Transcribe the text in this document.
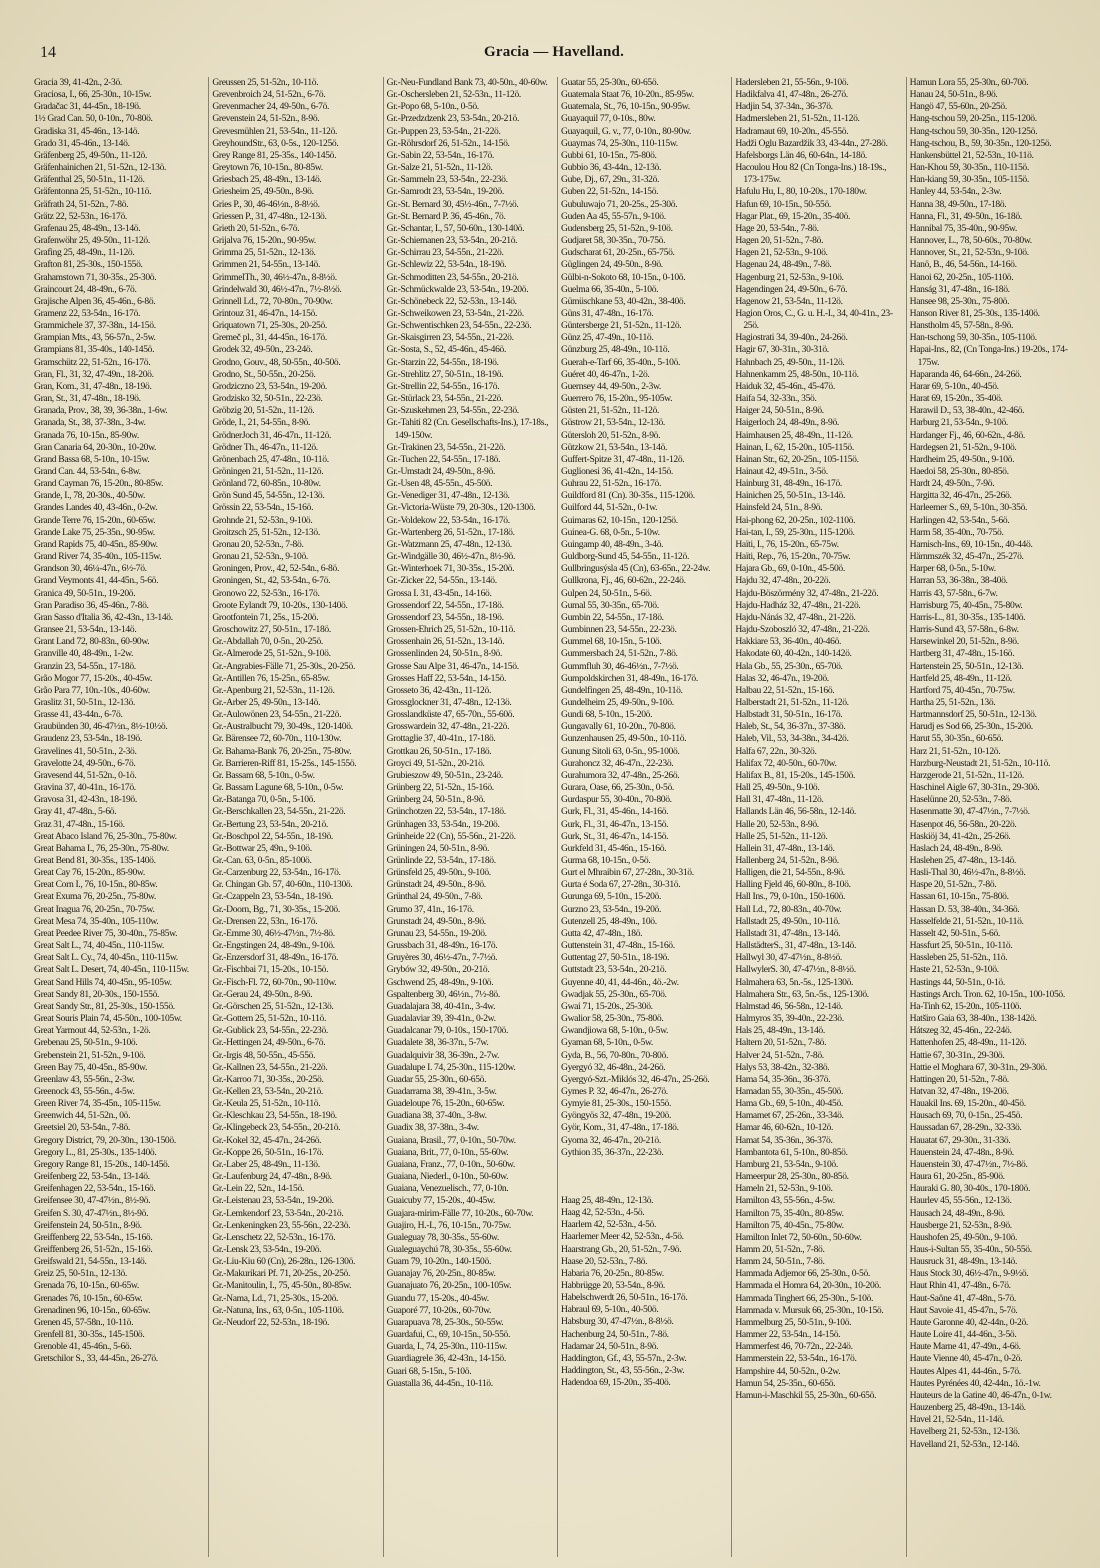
14	Gracia — Havelland.

Gracia 39, 41-42n., 2-3ö.

Graciosa, I., 66, 25-30n., 10-15w.

Gradačac 31, 44-45n., 18-19ö.

1½ Grad Can. 50, 0-10n., 70-80ö.

Gradiska 31, 45-46n., 13-14ö.

Grado 31, 45-46n., 13-14ö.

Gräfenberg 25, 49-50n., 11-12ö.

Gräfenhainichen 21, 51-52n., 12-13ö.

Gräfenthal 25, 50-51n., 11-12ö.

Gräfentonna 25, 51-52n., 10-11ö.

Gräfrath 24, 51-52n., 7-8ö.

Grätz 22, 52-53n., 16-17ö.

Grafenau 25, 48-49n., 13-14ö.

Grafenwöhr 25, 49-50n., 11-12ö.

Grafing 25, 48-49n., 11-12ö.

Grafton 81, 25-30s., 150-155ö.

Grahamstown 71, 30-35s., 25-30ö.

Graincourt 24, 48-49n., 6-7ö.

Grajische Alpen 36, 45-46n., 6-8ö.

Gramenz 22, 53-54n., 16-17ö.

Grammichele 37, 37-38n., 14-15ö.

Grampian Mts., 43, 56-57n., 2-5w.

Grampians 81, 35-40s., 140-145ö.

Gramschütz 22, 51-52n., 16-17ö.

Gran, Fl., 31, 32, 47-49n., 18-20ö.

Gran, Kom., 31, 47-48n., 18-19ö.

Gran, St., 31, 47-48n., 18-19ö.

Granada, Prov., 38, 39, 36-38n., 1-6w.

Granada, St., 38, 37-38n., 3-4w.

Granada 76, 10-15n., 85-90w.

Gran Canaria 64, 20-30n., 10-20w.

Grand Bassa 68, 5-10n., 10-15w.

Grand Can. 44, 53-54n., 6-8w.

Grand Cayman 76, 15-20n., 80-85w.

Grande, I., 78, 20-30s., 40-50w.

Grandes Landes 40, 43-46n., 0-2w.

Grande Terre 76, 15-20n., 60-65w.

Grande Lake 75, 25-35n., 90-95w.

Grand Rapids 75, 40-45n., 85-90w.

Grand River 74, 35-40n., 105-115w.

Grandson 30, 46¼-47n., 6½-7ö.

Grand Veymonts 41, 44-45n., 5-6ö.

Granica 49, 50-51n., 19-20ö.

Gran Paradiso 36, 45-46n., 7-8ö.

Gran Sasso d'Italia 36, 42-43n., 13-14ö.

Gransee 21, 53-54n., 13-14ö.

Grant Land 72, 80-83n., 60-90w.

Granville 40, 48-49n., 1-2w.

Granzin 23, 54-55n., 17-18ö.

Grão Mogor 77, 15-20s., 40-45w.

Grão Para 77, 10n.-10s., 40-60w.

Graslitz 31, 50-51n., 12-13ö.

Grasse 41, 43-44n., 6-7ö.

Graubünden 30, 46-47½n., 8½-10½ö.

Graudenz 23, 53-54n., 18-19ö.

Gravelines 41, 50-51n., 2-3ö.

Gravelotte 24, 49-50n., 6-7ö.

Gravesend 44, 51-52n., 0-1ö.

Gravina 37, 40-41n., 16-17ö.

Gravosa 31, 42-43n., 18-19ö.

Gray 41, 47-48n., 5-6ö.

Graz 31, 47-48n., 15-16ö.

Great Abaco Island 76, 25-30n., 75-80w.

Great Bahama I., 76, 25-30n., 75-80w.

Great Bend 81, 30-35s., 135-140ö.

Great Cay 76, 15-20n., 85-90w.

Great Corn I., 76, 10-15n., 80-85w.

Great Exuma 76, 20-25n., 75-80w.

Great Inagua 76, 20-25n., 70-75w.

Great Mesa 74, 35-40n., 105-110w.

Great Peedee River 75, 30-40n., 75-85w.

Great Salt L., 74, 40-45n., 110-115w.

Great Salt L. Cy., 74, 40-45n., 110-115w.

Great Salt L. Desert, 74, 40-45n., 110-115w.

Great Sand Hills 74, 40-45n., 95-105w.

Great Sandy 81, 20-30s., 150-155ö.

Great Sandy Str., 81, 25-30s., 150-155ö.

Great Souris Plain 74, 45-50n., 100-105w.

Great Yarmout 44, 52-53n., 1-2ö.

Grebenau 25, 50-51n., 9-10ö.

Grebenstein 21, 51-52n., 9-10ö.

Green Bay 75, 40-45n., 85-90w.

Greenlaw 43, 55-56n., 2-3w.

Greenock 43, 55-56n., 4-5w.

Green River 74, 35-45n., 105-115w.

Greenwich 44, 51-52n., 0ö.

Greetsiel 20, 53-54n., 7-8ö.

Gregory District, 79, 20-30n., 130-150ö.

Gregory L., 81, 25-30s., 135-140ö.

Gregory Range 81, 15-20s., 140-145ö.

Greifenberg 22, 53-54n., 13-14ö.

Greifenhagen 22, 53-54n., 15-16ö.

Greifensee 30, 47-47½n., 8½-9ö.

Greifen S. 30, 47-47½n., 8½-9ö.

Greifenstein 24, 50-51n., 8-9ö.

Greiffenberg 22, 53-54n., 15-16ö.

Greiffenberg 26, 51-52n., 15-16ö.

Greifswald 21, 54-55n., 13-14ö.

Greiz 25, 50-51n., 12-13ö.

Grenada 76, 10-15n., 60-65w.

Grenades 76, 10-15n., 60-65w.

Grenadinen 96, 10-15n., 60-65w.

Grenen 45, 57-58n., 10-11ö.

Grenfell 81, 30-35s., 145-150ö.

Grenoble 41, 45-46n., 5-6ö.

Gretschilor S., 33, 44-45n., 26-27ö.

Greussen 25, 51-52n., 10-11ö.

Grevenbroich 24, 51-52n., 6-7ö.

Grevenmacher 24, 49-50n., 6-7ö.

Grevenstein 24, 51-52n., 8-9ö.

Grevesmühlen 21, 53-54n., 11-12ö.

GreyhoundStr., 63, 0-5s., 120-125ö.

Grey Range 81, 25-35s., 140-145ö.

Greytown 76, 10-15n., 80-85w.

Griesbach 25, 48-49n., 13-14ö.

Griesheim 25, 49-50n., 8-9ö.

Gries P., 30, 46-46½n., 8-8½ö.

Griessen P., 31, 47-48n., 12-13ö.

Grieth 20, 51-52n., 6-7ö.

Grijalva 76, 15-20n., 90-95w.

Grimma 25, 51-52n., 12-13ö.

Grimmen 21, 54-55n., 13-14ö.

GrimmelTh., 30, 46½-47n., 8-8½ö.

Grindelwald 30, 46½-47n., 7½-8½ö.

Grinnell Ld., 72, 70-80n., 70-90w.

Grintouz 31, 46-47n., 14-15ö.

Griquatown 71, 25-30s., 20-25ö.

Gremeč pl., 31, 44-45n., 16-17ö.

Grodek 32, 49-50n., 23-24ö.

Grodno, Gouv., 48, 50-55n., 40-50ö.

Grodno, St., 50-55n., 20-25ö.

Grodziczno 23, 53-54n., 19-20ö.

Grodzisko 32, 50-51n., 22-23ö.

Gröbzig 20, 51-52n., 11-12ö.

Gröde, I., 21, 54-55n., 8-9ö.

GrödnerJoch 31, 46-47n., 11-12ö.

Grödner Th., 46-47n., 11-12ö.

Grönenbach 25, 47-48n., 10-11ö.

Gröningen 21, 51-52n., 11-12ö.

Grönland 72, 60-85n., 10-80w.

Grön Sund 45, 54-55n., 12-13ö.

Grössin 22, 53-54n., 15-16ö.

Grohnde 21, 52-53n., 9-10ö.

Groitzsch 25, 51-52n., 12-13ö.

Gronau 20, 52-53n., 7-8ö.

Gronau 21, 52-53n., 9-10ö.

Groningen, Prov., 42, 52-54n., 6-8ö.

Groningen, St., 42, 53-54n., 6-7ö.

Gronowo 22, 52-53n., 16-17ö.

Groote Eylandt 79, 10-20s., 130-140ö.

Grootfontein 71, 25s., 15-20ö.

Groschowitz 27, 50-51n., 17-18ö.

Gr.-Abdallah 70, 0-5n., 20-25ö.

Gr.-Almerode 25, 51-52n., 9-10ö.

Gr.-Angrabies-Fälle 71, 25-30s., 20-25ö.

Gr.-Antillen 76, 15-25n., 65-85w.

Gr.-Apenburg 21, 52-53n., 11-12ö.

Gr.-Arber 25, 49-50n., 13-14ö.

Gr.-Aulowönen 23, 54-55n., 21-22ö.

Gr.-Australbucht 79, 30-49s., 120-140ö.

Gr. Bärensee 72, 60-70n., 110-130w.

Gr. Bahama-Bank 76, 20-25n., 75-80w.

Gr. Barrieren-Riff 81, 15-25s., 145-155ö.

Gr. Bassam 68, 5-10n., 0-5w.

Gr. Bassam Lagune 68, 5-10n., 0-5w.

Gr.-Batanga 70, 0-5n., 5-10ö.

Gr.-Berschkallen 23, 54-55n., 21-22ö.

Gr.-Bertung 23, 53-54n., 20-21ö.

Gr.-Boschpol 22, 54-55n., 18-19ö.

Gr.-Bottwar 25, 49n., 9-10ö.

Gr.-Can. 63, 0-5n., 85-100ö.

Gr.-Carzenburg 22, 53-54n., 16-17ö.

Gr. Chingan Gb. 57, 40-60n., 110-130ö.

Gr.-Czappeln 23, 53-54n., 18-19ö.

Gr.-Doorn, Bg., 71, 30-35s., 15-20ö.

Gr.-Drensen 22, 53n., 16-17ö.

Gr.-Emme 30, 46½-47½n., 7½-8ö.

Gr.-Engstingen 24, 48-49n., 9-10ö.

Gr.-Enzersdorf 31, 48-49n., 16-17ö.

Gr.-Fischbai 71, 15-20s., 10-15ö.

Gr.-Fisch-Fl. 72, 60-70n., 90-110w.

Gr.-Gerau 24, 49-50n., 8-9ö.

Gr.-Görschen 25, 51-52n., 12-13ö.

Gr.-Gottern 25, 51-52n., 10-11ö.

Gr.-Gublick 23, 54-55n., 22-23ö.

Gr.-Hettingen 24, 49-50n., 6-7ö.

Gr.-Irgis 48, 50-55n., 45-55ö.

Gr.-Kallnen 23, 54-55n., 21-22ö.

Gr.-Karroo 71, 30-35s., 20-25ö.

Gr.-Kellen 23, 53-54n., 20-21ö.

Gr.-Keula 25, 51-52n., 10-11ö.

Gr.-Kleschkau 23, 54-55n., 18-19ö.

Gr.-Klingebeck 23, 54-55n., 20-21ö.

Gr.-Kokel 32, 45-47n., 24-26ö.

Gr.-Koppe 26, 50-51n., 16-17ö.

Gr.-Laber 25, 48-49n., 11-13ö.

Gr.-Laufenburg 24, 47-48n., 8-9ö.

Gr.-Lein 22, 52n., 14-15ö.

Gr.-Leistenau 23, 53-54n., 19-20ö.

Gr.-Lemkendorf 23, 53-54n., 20-21ö.

Gr.-Lenkeningken 23, 55-56n., 22-23ö.

Gr.-Lenschetz 22, 52-53n., 16-17ö.

Gr.-Lensk 23, 53-54n., 19-20ö.

Gr.-Liu-Kiu 60 (Cn), 26-28n., 126-130ö.

Gr.-Makurikari Pf. 71, 20-25s., 20-25ö.

Gr.-Manitoulin, I., 75, 45-50n., 80-85w.

Gr.-Nama, Ld., 71, 25-30s., 15-20ö.

Gr.-Natuna, Ins., 63, 0-5n., 105-110ö.

Gr.-Neudorf 22, 52-53n., 18-19ö.

Gr.-Neu-Fundland Bank 73, 40-50n., 40-60w.

Gr.-Oschersleben 21, 52-53n., 11-12ö.

Gr.-Popo 68, 5-10n., 0-5ö.

Gr.-Przedzdzenk 23, 53-54n., 20-21ö.

Gr.-Puppen 23, 53-54n., 21-22ö.

Gr.-Röhrsdorf 26, 51-52n., 14-15ö.

Gr.-Sabin 22, 53-54n., 16-17ö.

Gr.-Salze 21, 51-52n., 11-12ö.

Gr.-Sammeln 23, 53-54n., 22-23ö.

Gr.-Samrodt 23, 53-54n., 19-20ö.

Gr.-St. Bernard 30, 45½-46n., 7-7½ö.

Gr.-St. Bernard P. 36, 45-46n., 7ö.

Gr.-Schantar, I., 57, 50-60n., 130-140ö.

Gr.-Schiemanen 23, 53-54n., 20-21ö.

Gr.-Schirrau 23, 54-55n., 21-22ö.

Gr.-Schlewiz 22, 53-54n., 18-19ö.

Gr.-Schmoditten 23, 54-55n., 20-21ö.

Gr.-Schmückwalde 23, 53-54n., 19-20ö.

Gr.-Schönebeck 22, 52-53n., 13-14ö.

Gr.-Schweikowen 23, 53-54n., 21-22ö.

Gr.-Schwentischken 23, 54-55n., 22-23ö.

Gr.-Skaisgirren 23, 54-55n., 21-22ö.

Gr.-Sosta, S., 52, 45-46n., 45-46ö.

Gr.-Starzin 22, 54-55n., 18-19ö.

Gr.-Strehlitz 27, 50-51n., 18-19ö.

Gr.-Strellin 22, 54-55n., 16-17ö.

Gr.-Stürlack 23, 54-55n., 21-22ö.

Gr.-Szuskehmen 23, 54-55n., 22-23ö.

Gr.-Tahiti 82 (Cn. Gesellschafts-Ins.), 17-18s., 149-150w.

Gr.-Trakinen 23, 54-55n., 21-22ö.

Gr.-Tuchen 22, 54-55n., 17-18ö.

Gr.-Umstadt 24, 49-50n., 8-9ö.

Gr.-Usen 48, 45-55n., 45-50ö.

Gr.-Venediger 31, 47-48n., 12-13ö.

Gr.-Victoria-Wüste 79, 20-30s., 120-130ö.

Gr.-Voldekow 22, 53-54n., 16-17ö.

Gr.-Wartenberg 26, 51-52n., 17-18ö.

Gr.-Watzmann 25, 47-48n., 12-13ö.

Gr.-Windgälle 30, 46½-47n., 8½-9ö.

Gr.-Winterhoek 71, 30-35s., 15-20ö.

Gr.-Zicker 22, 54-55n., 13-14ö.

Grossa I. 31, 43-45n., 14-16ö.

Grossendorf 22, 54-55n., 17-18ö.

Grossendorf 23, 54-55n., 18-19ö.

Grossen-Ehrich 25, 51-52n., 10-11ö.

Grossenhain 26, 51-52n., 13-14ö.

Grossenlinden 24, 50-51n., 8-9ö.

Grosse Sau Alpe 31, 46-47n., 14-15ö.

Grosses Haff 22, 53-54n., 14-15ö.

Grosseto 36, 42-43n., 11-12ö.

Grossglockner 31, 47-48n., 12-13ö.

Grosslandküste 47, 65-70n., 55-60ö.

Grosswardein 32, 47-48n., 21-22ö.

Grottaglie 37, 40-41n., 17-18ö.

Grottkau 26, 50-51n., 17-18ö.

Groyci 49, 51-52n., 20-21ö.

Grubieszow 49, 50-51n., 23-24ö.

Grünberg 22, 51-52n., 15-16ö.

Grünberg 24, 50-51n., 8-9ö.

Grünchotzen 22, 53-54n., 17-18ö.

Grünhagen 33, 53-54n., 19-20ö.

Grünheide 22 (Cn), 55-56n., 21-22ö.

Grüningen 24, 50-51n., 8-9ö.

Grünlinde 22, 53-54n., 17-18ö.

Grünsfeld 25, 49-50n., 9-10ö.

Grünstadt 24, 49-50n., 8-9ö.

Grünthal 24, 49-50n., 7-8ö.

Grumo 37, 41n., 16-17ö.

Grunstadt 24, 49-50n., 8-9ö.

Grunau 23, 54-55n., 19-20ö.

Grussbach 31, 48-49n., 16-17ö.

Gruyères 30, 46½-47n., 7-7½ö.

Grybów 32, 49-50n., 20-21ö.

Gschwend 25, 48-49n., 9-10ö.

Gspaltenberg 30, 46½n., 7½-8ö.

Guadalajara 38, 40-41n., 3-4w.

Guadalaviar 39, 39-41n., 0-2w.

Guadalcanar 79, 0-10s., 150-170ö.

Guadalete 38, 36-37n., 5-7w.

Guadalquivir 38, 36-39n., 2-7w.

Guadalupe I. 74, 25-30n., 115-120w.

Guadar 55, 25-30n., 60-65ö.

Guadarrama 38, 39-41n., 3-5w.

Guadeloupe 76, 15-20n., 60-65w.

Guadiana 38, 37-40n., 3-8w.

Guadix 38, 37-38n., 3-4w.

Guaiana, Brasil., 77, 0-10n., 50-70w.

Guaiana, Brit., 77, 0-10n., 55-60w.

Guaiana, Franz., 77, 0-10n., 50-60w.

Guaiana, Niederl., 0-10n., 50-60w.

Guaiana, Venezuelisch., 77, 0-10n.

Guaicuby 77, 15-20s., 40-45w.

Guajara-mirim-Fälle 77, 10-20s., 60-70w.

Guajiro, H.-I., 76, 10-15n., 70-75w.

Gualeguay 78, 30-35s., 55-60w.

Gualeguaychú 78, 30-35s., 55-60w.

Guam 79, 10-20n., 140-150ö.

Guanajay 76, 20-25n., 80-85w.

Guanajuato 76, 20-25n., 100-105w.

Guandu 77, 15-20s., 40-45w.

Guaporé 77, 10-20s., 60-70w.

Guarapuava 78, 25-30s., 50-55w.

Guardafui, C., 69, 10-15n., 50-55ö.

Guarda, I., 74, 25-30n., 110-115w.

Guardiagrele 36, 42-43n., 14-15ö.

Guari 68, 5-15n., 5-10ö.

Guastalla 36, 44-45n., 10-11ö.

Guatar 55, 25-30n., 60-65ö.

Guatemala Staat 76, 10-20n., 85-95w.

Guatemala, St., 76, 10-15n., 90-95w.

Guayaquil 77, 0-10s., 80w.

Guayaquil, G. v., 77, 0-10n., 80-90w.

Guaymas 74, 25-30n., 110-115w.

Gubbi 61, 10-15n., 75-80ö.

Gubbio 36, 43-44n., 12-13ö.

Gube, Dj., 67, 29n., 31-32ö.

Guben 22, 51-52n., 14-15ö.

Gubuluwajo 71, 20-25s., 25-30ö.

Guden Aa 45, 55-57n., 9-10ö.

Gudensberg 25, 51-52n., 9-10ö.

Gudjaret 58, 30-35n., 70-75ö.

Gudscharat 61, 20-25n., 65-75ö.

Güglingen 24, 49-50n., 8-9ö.

Gülbi-n-Sokoto 68, 10-15n., 0-10ö.

Guelma 66, 35-40n., 5-10ö.

Gümüschkane 53, 40-42n., 38-40ö.

Güns 31, 47-48n., 16-17ö.

Güntersberge 21, 51-52n., 11-12ö.

Günz 25, 47-49n., 10-11ö.

Günzburg 25, 48-49n., 10-11ö.

Guerah-e-Tarf 66, 35-40n., 5-10ö.

Guéret 40, 46-47n., 1-2ö.

Guernsey 44, 49-50n., 2-3w.

Guerrero 76, 15-20n., 95-105w.

Güsten 21, 51-52n., 11-12ö.

Güstrow 21, 53-54n., 12-13ö.

Gütersloh 20, 51-52n., 8-9ö.

Gützkow 21, 53-54n., 13-14ö.

Guffert-Spitze 31, 47-48n., 11-12ö.

Guglionesi 36, 41-42n., 14-15ö.

Guhrau 22, 51-52n., 16-17ö.

Guildford 81 (Cn). 30-35s., 115-120ö.

Guilford 44, 51-52n., 0-1w.

Guimaras 62, 10-15n., 120-125ö.

Guinea-G. 68, 0-5n., 5-10w.

Guingamp 40, 48-49n., 3-4ö.

Guldborg-Sund 45, 54-55n., 11-12ö.

Gullbringusýsla 45 (Cn), 63-65n., 22-24w.

Gullkrona, Fj., 46, 60-62n., 22-24ö.

Gulpen 24, 50-51n., 5-6ö.

Gumal 55, 30-35n., 65-70ö.

Gumbin 22, 54-55n., 17-18ö.

Gumbinnen 23, 54-55n., 22-23ö.

Gummel 68, 10-15n., 5-10ö.

Gummersbach 24, 51-52n., 7-8ö.

Gummfluh 30, 46-46½n., 7-7½ö.

Gumpoldskirchen 31, 48-49n., 16-17ö.

Gundelfingen 25, 48-49n., 10-11ö.

Gundelheim 25, 49-50n., 9-10ö.

Gundi 68, 5-10n., 15-20ö.

Gungavally 61, 10-20n., 70-80ö.

Gunzenhausen 25, 49-50n., 10-11ö.

Gunung Sitoli 63, 0-5n., 95-100ö.

Gurahoncz 32, 46-47n., 22-23ö.

Gurahumora 32, 47-48n., 25-26ö.

Gurara, Oase, 66, 25-30n., 0-5ö.

Gurdaspur 55, 30-40n., 70-80ö.

Gurk, Fl., 31, 45-46n., 14-16ö.

Gurk, Fl., 31, 46-47n., 13-15ö.

Gurk, St., 31, 46-47n., 14-15ö.

Gurkfeld 31, 45-46n., 15-16ö.

Gurma 68, 10-15n., 0-5ö.

Gurt el Mhraibin 67, 27-28n., 30-31ö.

Gurta é Soda 67, 27-28n., 30-31ö.

Gurunga 69, 5-10n., 15-20ö.

Gurzno 23, 53-54n., 19-20ö.

Gutenzell 25, 48-49n., 10ö.

Gutta 42, 47-48n., 18ö.

Guttenstein 31, 47-48n., 15-16ö.

Guttentag 27, 50-51n., 18-19ö.

Guttstadt 23, 53-54n., 20-21ö.

Guyenne 40, 41, 44-46n., 4ö.-2w.

Gwadjak 55, 25-30n., 65-70ö.

Gwai 71, 15-20s., 25-30ö.

Gwalior 58, 25-30n., 75-80ö.

Gwandjiowa 68, 5-10n., 0-5w.

Gyaman 68, 5-10n., 0-5w.

Gyda, B., 56, 70-80n., 70-80ö.

Gyergyó 32, 46-48n., 24-26ö.

Gyergyó-Szt.-Miklós 32, 46-47n., 25-26ö.

Gymes P. 32, 46-47n., 26-27ö.

Gymyie 81, 25-30s., 150-155ö.

Gyöngyös 32, 47-48n., 19-20ö.

Györ, Kom., 31, 47-48n., 17-18ö.

Gyoma 32, 46-47n., 20-21ö.

Gythion 35, 36-37n., 22-23ö.

Haag 25, 48-49n., 12-13ö.

Haag 42, 52-53n., 4-5ö.

Haarlem 42, 52-53n., 4-5ö.

Haarlemer Meer 42, 52-53n., 4-5ö.

Haarstrang Gb., 20, 51-52n., 7-9ö.

Haase 20, 52-53n., 7-8ö.

Habaria 76, 20-25n., 80-85w.

Habbrügge 20, 53-54n., 8-9ö.

Habelschwerdt 26, 50-51n., 16-17ö.

Habraul 69, 5-10n., 40-50ö.

Habsburg 30, 47-47½n., 8-8½ö.

Hachenburg 24, 50-51n., 7-8ö.

Hadamar 24, 50-51n., 8-9ö.

Haddington, Gf., 43, 55-57n., 2-3w.

Haddington, St., 43, 55-56n., 2-3w.

Hadendoa 69, 15-20n., 35-40ö.

Hadersleben 21, 55-56n., 9-10ö.

Hadikfalva 41, 47-48n., 26-27ö.

Hadjin 54, 37-34n., 36-37ö.

Hadmersleben 21, 51-52n., 11-12ö.

Hadramaut 69, 10-20n., 45-55ö.

Hadži Oglu Bazardžik 33, 43-44n., 27-28ö.

Hafelsborgs Län 46, 60-64n., 14-18ö.

Hacoulou Hou 82 (Cn Tonga-Ins.) 18-19s., 173-175w.

Hafulu Hu, I., 80, 10-20s., 170-180w.

Hafun 69, 10-15n., 50-55ö.

Hagar Plat., 69, 15-20n., 35-40ö.

Hage 20, 53-54n., 7-8ö.

Hagen 20, 51-52n., 7-8ö.

Hagen 21, 52-53n., 9-10ö.

Hagenau 24, 48-49n., 7-8ö.

Hagenburg 21, 52-53n., 9-10ö.

Hagendingen 24, 49-50n., 6-7ö.

Hagenow 21, 53-54n., 11-12ö.

Hagion Oros, C., G. u. H.-I., 34, 40-41n., 23-25ö.

Hagiostrati 34, 39-40n., 24-26ö.

Hagir 67, 30-31n., 30-31ö.

Hahnbach 25, 49-50n., 11-12ö.

Hahnenkamm 25, 48-50n., 10-11ö.

Haiduk 32, 45-46n., 45-47ö.

Haifa 54, 32-33n., 35ö.

Haiger 24, 50-51n., 8-9ö.

Haigerloch 24, 48-49n., 8-9ö.

Haimhausen 25, 48-49n., 11-12ö.

Hainan, I., 62, 15-20n., 105-115ö.

Hainan Str., 62, 20-25n., 105-115ö.

Hainaut 42, 49-51n., 3-5ö.

Hainburg 31, 48-49n., 16-17ö.

Hainichen 25, 50-51n., 13-14ö.

Hainsfeld 24, 51n., 8-9ö.

Hai-phong 62, 20-25n., 102-110ö.

Hai-tan, I., 59, 25-30n., 115-120ö.

Haïti, I., 76, 15-20n., 65-75w.

Haïti, Rep., 76, 15-20n., 70-75w.

Hajara Gb., 69, 0-10n., 45-50ö.

Hajdu 32, 47-48n., 20-22ö.

Hajdu-Böszörmény 32, 47-48n., 21-22ö.

Hajdu-Hadház 32, 47-48n., 21-22ö.

Hajdu-Nánás 32, 47-48n., 21-22ö.

Hajdu-Szoboszló 32, 47-48n., 21-22ö.

Hakkiare 53, 36-40n., 40-46ö.

Hakodate 60, 40-42n., 140-142ö.

Hala Gb., 55, 25-30n., 65-70ö.

Halas 32, 46-47n., 19-20ö.

Halbau 22, 51-52n., 15-16ö.

Halberstadt 21, 51-52n., 11-12ö.

Halbstadt 31, 50-51n., 16-17ö.

Haleb, St., 54, 36-37n., 37-38ö.

Haleb, Vil., 53, 34-38n., 34-42ö.

Halfa 67, 22n., 30-32ö.

Halifax 72, 40-50n., 60-70w.

Halifax B., 81, 15-20s., 145-150ö.

Hall 25, 49-50n., 9-10ö.

Hall 31, 47-48n., 11-12ö.

Hallands Län 46, 56-58n., 12-14ö.

Halle 20, 52-53n., 8-9ö.

Halle 25, 51-52n., 11-12ö.

Hallein 31, 47-48n., 13-14ö.

Hallenberg 24, 51-52n., 8-9ö.

Halligen, die 21, 54-55n., 8-9ö.

Halling Fjeld 46, 60-80n., 8-10ö.

Hall Ins., 79, 0-10n., 150-160ö.

Hall Ld., 72, 80-83n., 40-70w.

Hallstadt 25, 49-50n., 10-11ö.

Hallstadt 31, 47-48n., 13-14ö.

HallstädterS., 31, 47-48n., 13-14ö.

Hallwyl 30, 47-47½n., 8-8½ö.

HallwylerS. 30, 47-47½n., 8-8½ö.

Halmahera 63, 5n.-5s., 125-130ö.

Halmahera Str., 63, 5n.-5s., 125-130ö.

Halmstad 46, 56-58n., 12-14ö.

Halmyros 35, 39-40n., 22-23ö.

Hals 25, 48-49n., 13-14ö.

Haltern 20, 51-52n., 7-8ö.

Halver 24, 51-52n., 7-8ö.

Halys 53, 38-42n., 32-38ö.

Hama 54, 35-36n., 36-37ö.

Hamadan 55, 30-35n., 45-50ö.

Hama Gb., 69, 5-10n., 40-45ö.

Hamamet 67, 25-26n., 33-34ö.

Hamar 46, 60-62n., 10-12ö.

Hamat 54, 35-36n., 36-37ö.

Hambantota 61, 5-10n., 80-85ö.

Hamburg 21, 53-54n., 9-10ö.

Hameerpur 28, 25-30n., 80-85ö.

Hameln 21, 52-53n., 9-10ö.

Hamilton 43, 55-56n., 4-5w.

Hamilton 75, 35-40n., 80-85w.

Hamilton 75, 40-45n., 75-80w.

Hamilton Inlet 72, 50-60n., 50-60w.

Hamm 20, 51-52n., 7-8ö.

Hamm 24, 50-51n., 7-8ö.

Hammada Adjemor 66, 25-30n., 0-5ö.

Hammada el Homra 64, 20-30n., 10-20ö.

Hammada Tinghert 66, 25-30n., 5-10ö.

Hammada v. Mursuk 66, 25-30n., 10-15ö.

Hammelburg 25, 50-51n., 9-10ö.

Hammer 22, 53-54n., 14-15ö.

Hammerfest 46, 70-72n., 22-24ö.

Hammerstein 22, 53-54n., 16-17ö.

Hampshire 44, 50-52n., 0-2w.

Hamun 54, 25-35n., 60-65ö.

Hamun-i-Maschkil 55, 25-30n., 60-65ö.

Hamun Lora 55, 25-30n., 60-70ö.

Hanau 24, 50-51n., 8-9ö.

Hangö 47, 55-60n., 20-25ö.

Hang-tschou 59, 20-25n., 115-120ö.

Hang-tschou 59, 30-35n., 120-125ö.

Hang-tschou, B., 59, 30-35n., 120-125ö.

Hankensbüttel 21, 52-53n., 10-11ö.

Han-Khou 59, 30-35n., 110-115ö.

Han-kiang 59, 30-35n., 105-115ö.

Hanley 44, 53-54n., 2-3w.

Hanna 38, 49-50n., 17-18ö.

Hanna, Fl., 31, 49-50n., 16-18ö.

Hannibal 75, 35-40n., 90-95w.

Hannover, L., 78, 50-60s., 70-80w.

Hannover, St., 21, 52-53n., 9-10ö.

Hanö, B., 46, 54-56n., 14-16ö.

Hanoi 62, 20-25n., 105-110ö.

Hanság 31, 47-48n., 16-18ö.

Hansee 98, 25-30n., 75-80ö.

Hanson River 81, 25-30s., 135-140ö.

Hanstholm 45, 57-58n., 8-9ö.

Han-tschong 59, 30-35n., 105-110ö.

Hapai-Ins., 82, (Cn Tonga-Ins.) 19-20s., 174-175w.

Haparanda 46, 64-66n., 24-26ö.

Harar 69, 5-10n., 40-45ö.

Harat 69, 15-20n., 35-40ö.

Harawil D., 53, 38-40n., 42-46ö.

Harburg 21, 53-54n., 9-10ö.

Hardanger Fj., 46, 60-62n., 4-8ö.

Hardegsen 21, 51-52n., 9-10ö.

Hardheim 25, 49-50n., 9-10ö.

Haedoi 58, 25-30n., 80-85ö.

Hardt 24, 49-50n., 7-9ö.

Hargitta 32, 46-47n., 25-26ö.

Harleemer S., 69, 5-10n., 30-35ö.

Harlingen 42, 53-54n., 5-6ö.

Harm 58, 35-40n., 70-75ö.

Harnisch-Ins., 69, 10-15n., 40-44ö.

Härnmszék 32, 45-47n., 25-27ö.

Harper 68, 0-5n., 5-10w.

Harran 53, 36-38n., 38-40ö.

Harris 43, 57-58n., 6-7w.

Harrisburg 75, 40-45n., 75-80w.

Harris-L., 81, 30-35s., 135-140ö.

Harris-Sund 43, 57-58n., 6-8w.

Harsewinkel 20, 51-52n., 8-9ö.

Hartberg 31, 47-48n., 15-16ö.

Hartenstein 25, 50-51n., 12-13ö.

Hartfeld 25, 48-49n., 11-12ö.

Hartford 75, 40-45n., 70-75w.

Hartha 25, 51-52n., 13ö.

Hartmannsdorf 25, 50-51n., 12-13ö.

Harudj es Sod 66, 25-30n., 15-20ö.

Harut 55, 30-35n., 60-65ö.

Harz 21, 51-52n., 10-12ö.

Harzburg-Neustadt 21, 51-52n., 10-11ö.

Harzgerode 21, 51-52n., 11-12ö.

Haschinel Aigle 67, 30-31n., 29-30ö.

Haselünne 20, 52-53n., 7-8ö.

Hasenmatte 30, 47-47½n., 7-7½ö.

Hasenpot 46, 56-58n., 20-22ö.

Haskiöj 34, 41-42n., 25-26ö.

Haslach 24, 48-49n., 8-9ö.

Haslehen 25, 47-48n., 13-14ö.

Hasli-Thal 30, 46½-47n., 8-8½ö.

Haspe 20, 51-52n., 7-8ö.

Hassan 61, 10-15n., 75-80ö.

Hassan D. 53, 38-40n., 34-36ö.

Hasselfelde 21, 51-52n., 10-11ö.

Hasselt 42, 50-51n., 5-6ö.

Hassfurt 25, 50-51n., 10-11ö.

Hassleben 25, 51-52n., 11ö.

Haste 21, 52-53n., 9-10ö.

Hastings 44, 50-51n., 0-1ö.

Hastings Arch. Tron. 62, 10-15n., 100-105ö.

Ha-Tinh 62, 15-20n., 105-110ö.

Hatširo Gaia 63, 38-40n., 138-142ö.

Hátszeg 32, 45-46n., 22-24ö.

Hattenhofen 25, 48-49n., 11-12ö.

Hattie 67, 30-31n., 29-30ö.

Hattie el Moghara 67, 30-31n., 29-30ö.

Hattingen 20, 51-52n., 7-8ö.

Hatvan 32, 47-48n., 19-20ö.

Hauakil Ins. 69, 15-20n., 40-45ö.

Hausach 69, 70, 0-15n., 25-45ö.

Haussadan 67, 28-29n., 32-33ö.

Hauatat 67, 29-30n., 31-33ö.

Hauenstein 24, 47-48n., 8-9ö.

Hauenstein 30, 47-47½n., 7½-8ö.

Haura 61, 20-25n., 85-90ö.

Hauraki G. 80, 30-40s., 170-180ö.

Haurlev 45, 55-56n., 12-13ö.

Hausach 24, 48-49n., 8-9ö.

Hausberge 21, 52-53n., 8-9ö.

Haushofen 25, 49-50n., 9-10ö.

Haus-i-Sultan 55, 35-40n., 50-55ö.

Hausruck 31, 48-49n., 13-14ö.

Haus Stock 30, 46½-47n., 9-9½ö.

Haut Rhin 41, 47-48n., 6-7ö.

Haut-Saône 41, 47-48n., 5-7ö.

Haut Savoie 41, 45-47n., 5-7ö.

Haute Garonne 40, 42-44n., 0-2ö.

Haute Loire 41, 44-46n., 3-5ö.

Haute Marne 41, 47-49n., 4-6ö.

Haute Vienne 40, 45-47n., 0-2ö.

Hautes Alpes 41, 44-46n., 5-7ö.

Hautes Pyrénées 40, 42-44n., 1ö.-1w.

Hauteurs de la Gatine 40, 46-47n., 0-1w.

Hauzenberg 25, 48-49n., 13-14ö.

Havel 21, 52-54n., 11-14ö.

Havelberg 21, 52-53n., 12-13ö.

Havelland 21, 52-53n., 12-14ö.
